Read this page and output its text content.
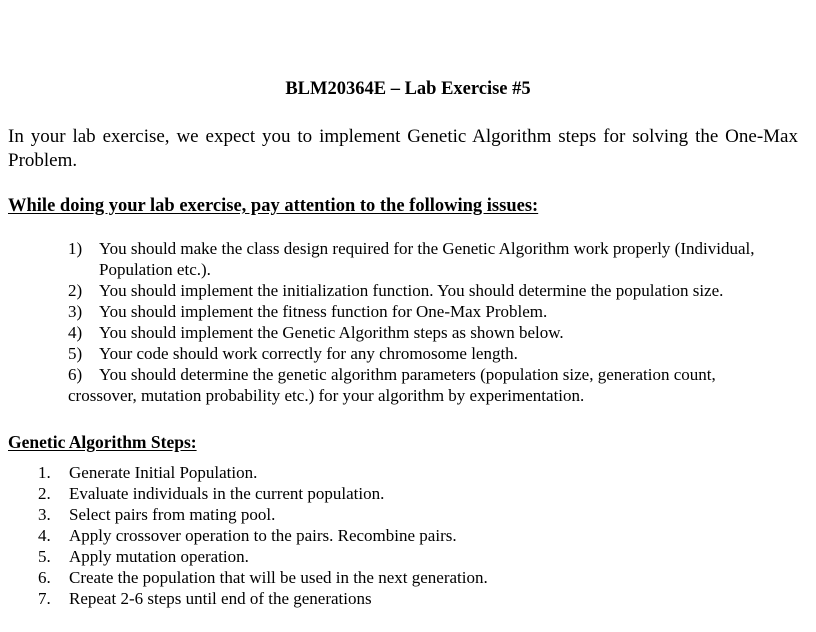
BLM20364E – Lab Exercise #5
In your lab exercise, we expect you to implement Genetic Algorithm steps for solving the One-Max Problem.
While doing your lab exercise, pay attention to the following issues:
1) You should make the class design required for the Genetic Algorithm work properly (Individual, Population etc.).
2) You should implement the initialization function. You should determine the population size.
3) You should implement the fitness function for One-Max Problem.
4) You should implement the Genetic Algorithm steps as shown below.
5) Your code should work correctly for any chromosome length.
6) You should determine the genetic algorithm parameters (population size, generation count,
crossover, mutation probability etc.) for your algorithm by experimentation.
Genetic Algorithm Steps:
1. Generate Initial Population.
2. Evaluate individuals in the current population.
3. Select pairs from mating pool.
4. Apply crossover operation to the pairs. Recombine pairs.
5. Apply mutation operation.
6. Create the population that will be used in the next generation.
7. Repeat 2-6 steps until end of the generations
